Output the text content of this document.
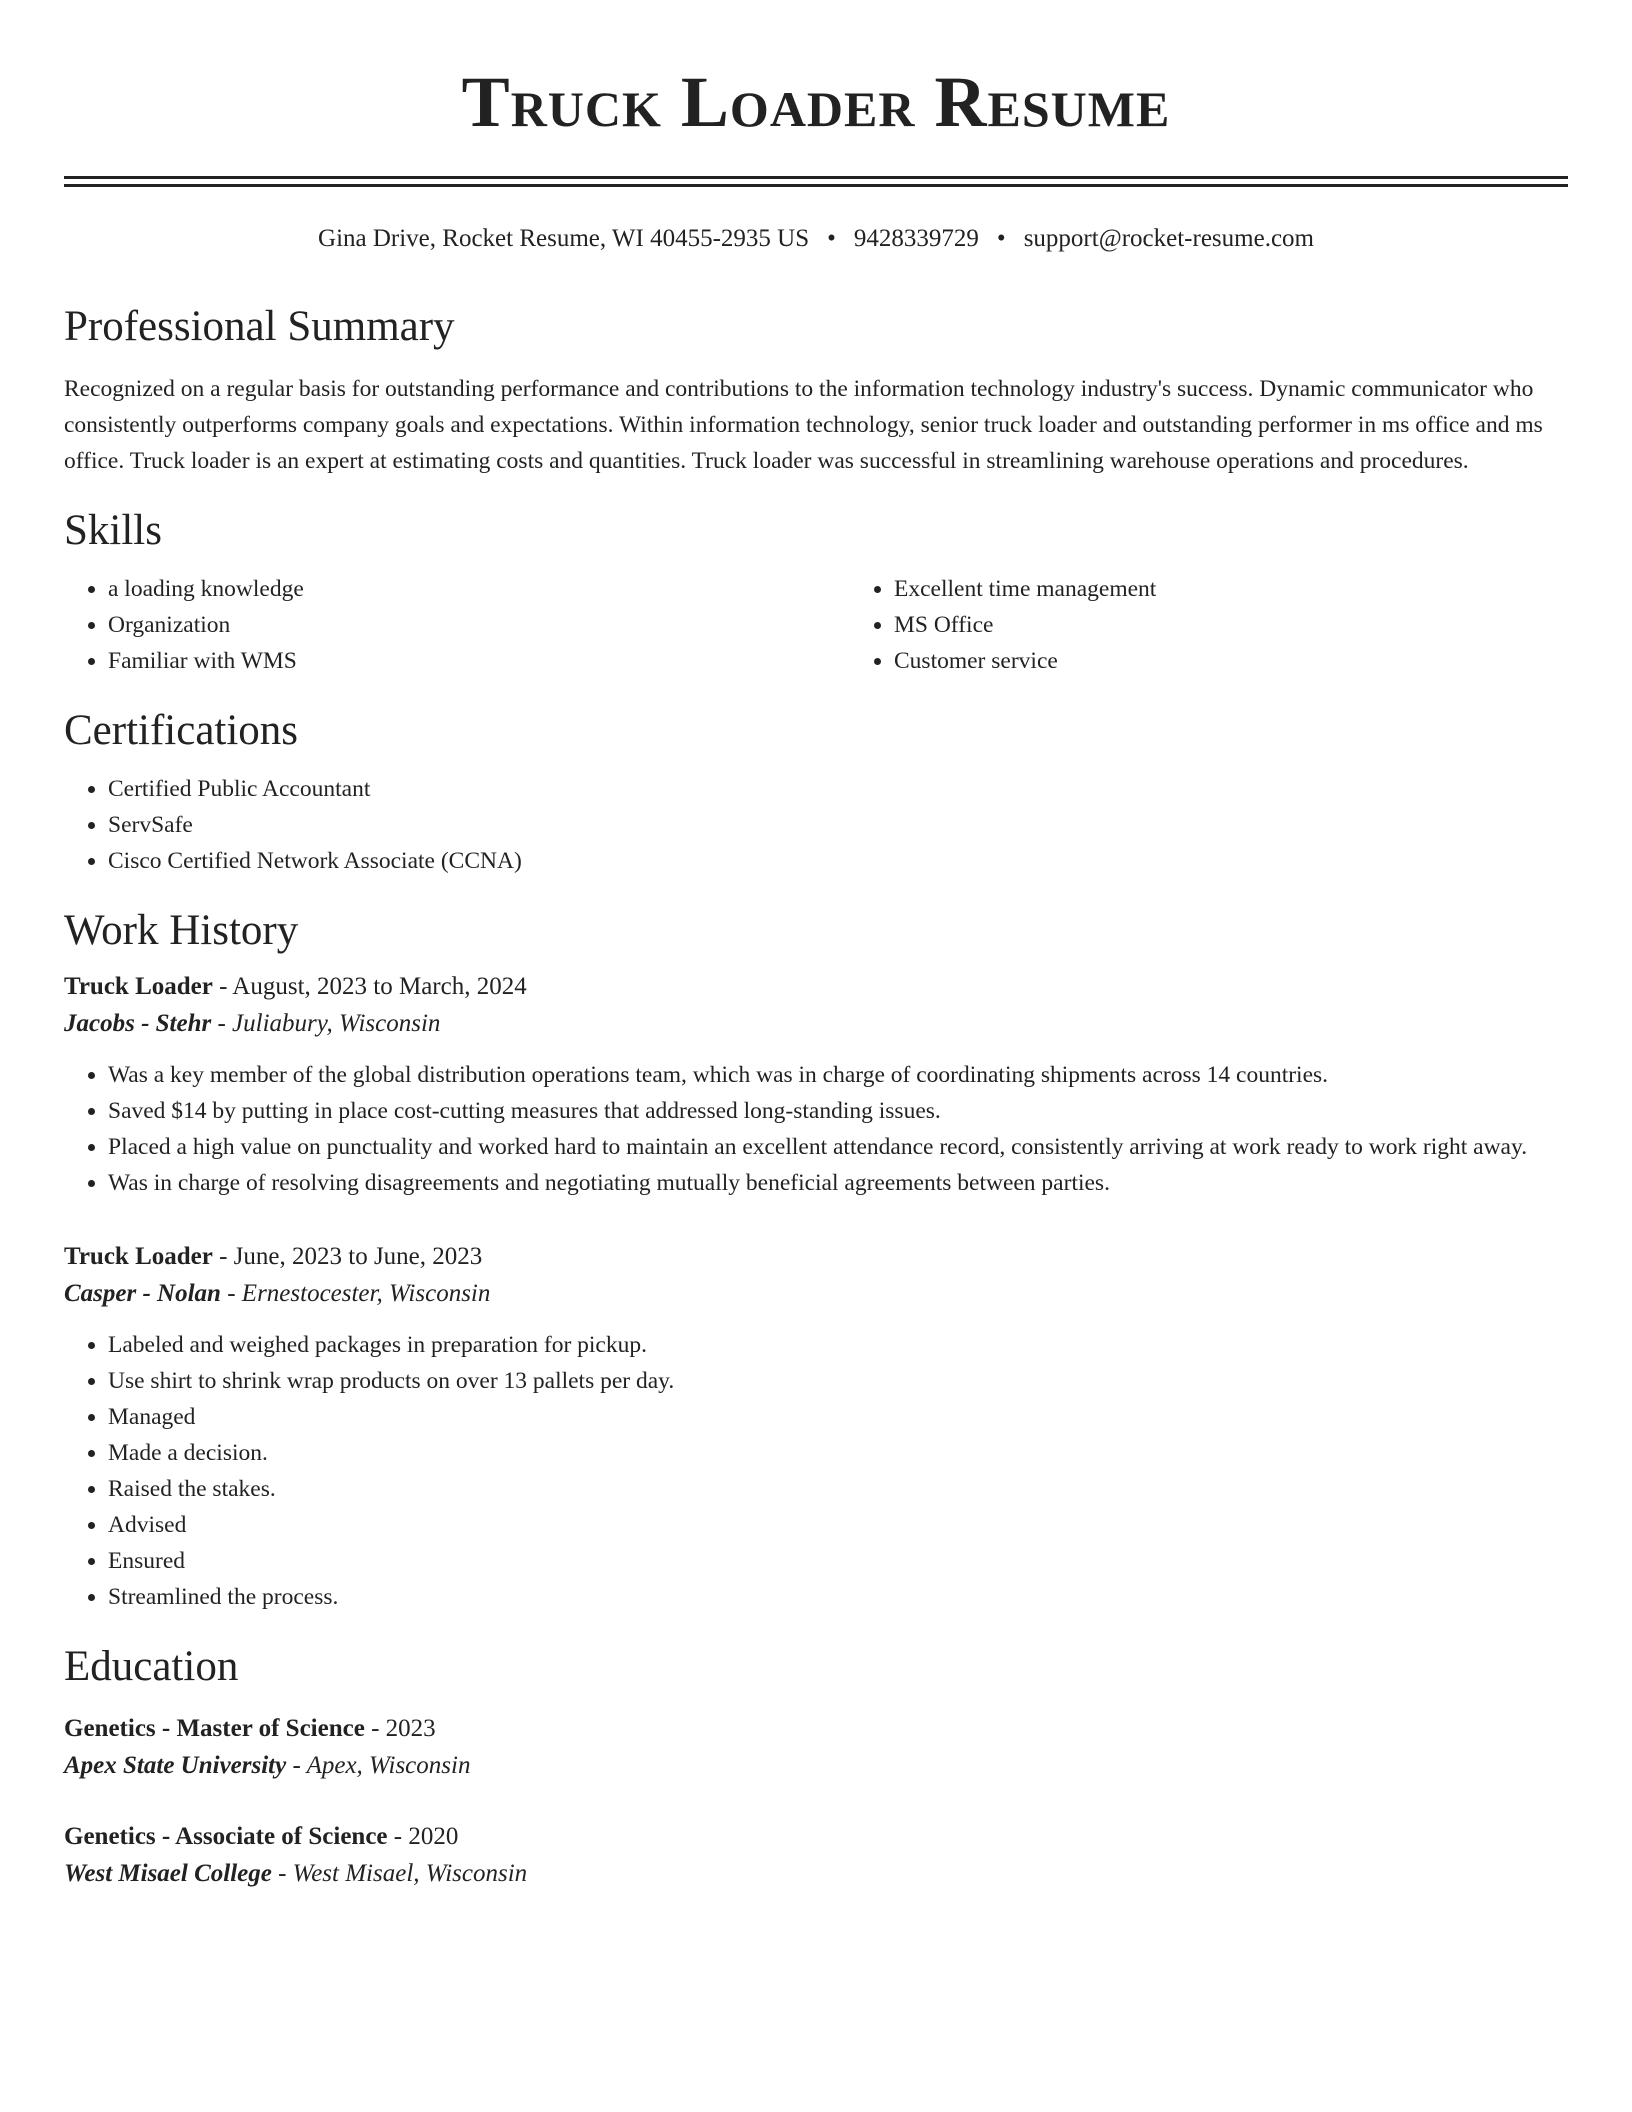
Truck Loader Resume
Gina Drive, Rocket Resume, WI 40455-2935 US • 9428339729 • support@rocket-resume.com
Professional Summary

Recognized on a regular basis for outstanding performance and contributions to the information technology industry's success. Dynamic communicator who consistently outperforms company goals and expectations. Within information technology, senior truck loader and outstanding performer in ms office and ms office. Truck loader is an expert at estimating costs and quantities. Truck loader was successful in streamlining warehouse operations and procedures.

Skills
• a loading knowledge
• Organization
• Familiar with WMS
• Excellent time management
• MS Office
• Customer service
Certifications
• Certified Public Accountant
• ServSafe
• Cisco Certified Network Associate (CCNA)
Work History
Truck Loader - August, 2023 to March, 2024
Jacobs - Stehr - Juliabury, Wisconsin
• Was a key member of the global distribution operations team, which was in charge of coordinating shipments across 14 countries.
• Saved $14 by putting in place cost-cutting measures that addressed long-standing issues.
• Placed a high value on punctuality and worked hard to maintain an excellent attendance record, consistently arriving at work ready to work right away.
• Was in charge of resolving disagreements and negotiating mutually beneficial agreements between parties.
Truck Loader - June, 2023 to June, 2023
Casper - Nolan - Ernestocester, Wisconsin
• Labeled and weighed packages in preparation for pickup.
• Use shirt to shrink wrap products on over 13 pallets per day.
• Managed
• Made a decision.
• Raised the stakes.
• Advised
• Ensured
• Streamlined the process.
Education
Genetics - Master of Science - 2023
Apex State University - Apex, Wisconsin
Genetics - Associate of Science - 2020
West Misael College - West Misael, Wisconsin
